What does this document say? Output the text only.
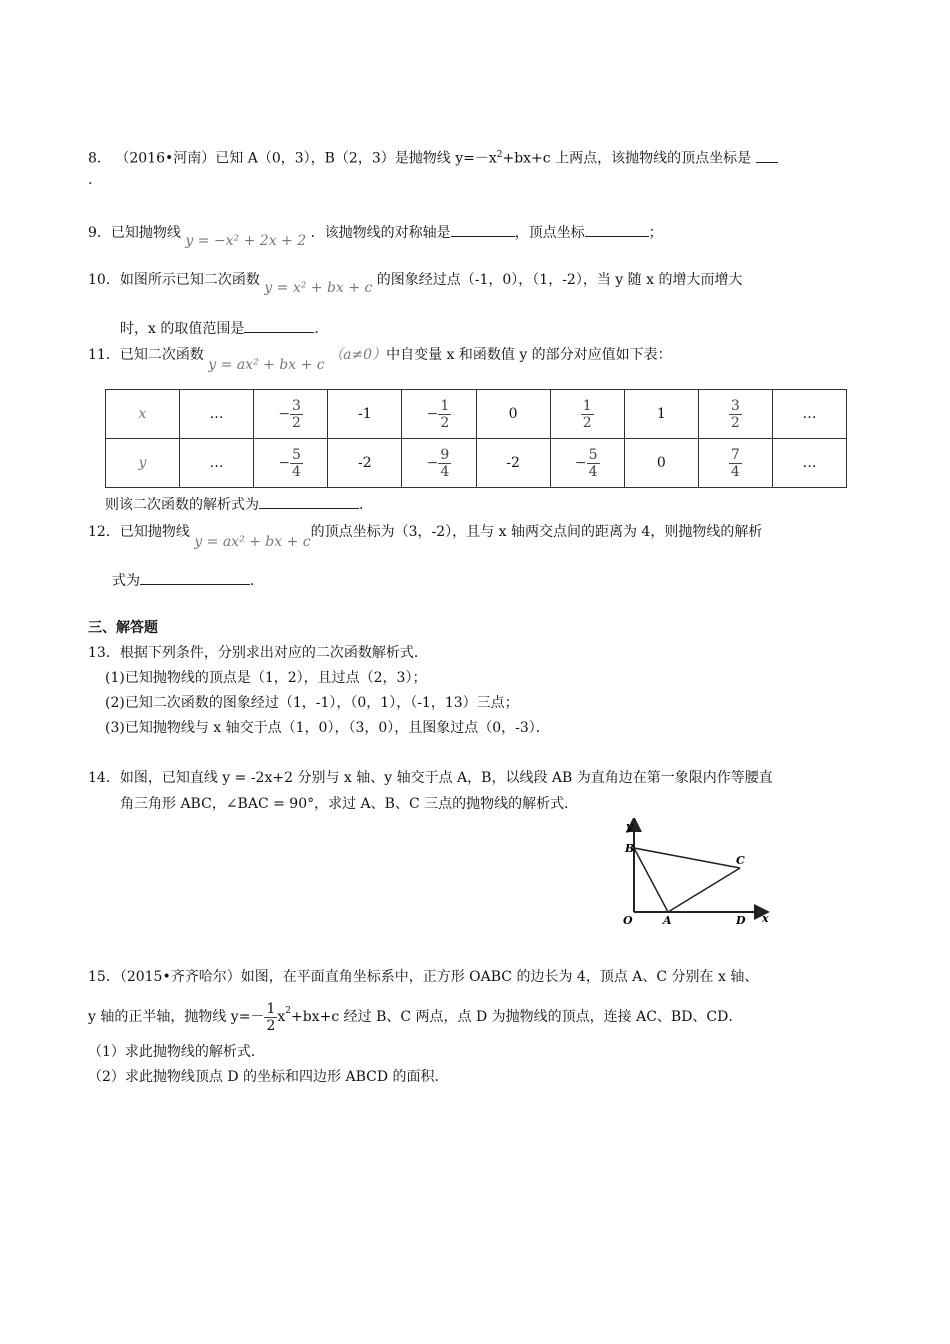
8． （2016•河南）已知 A（0，3），B（2，3）是抛物线 $y=-x^2+bx+c$ 上两点，该抛物线的顶点坐标是
.
9．已知抛物线 y = −x² + 2x + 2 ．该抛物线的对称轴是	，顶点坐标	；
10．如图所示已知二次函数 y = x² + bx + c 的图象经过点（-1，0），（1，-2），当 y 随 x 的增大而增大
时，x 的取值范围是	．
11．已知二次函数 y = ax² + bx + c （a≠0）中自变量 x 和函数值 y 的部分对应值如下表：
x	…	− $\frac{3}{2}$	-1	− $\frac{1}{2}$	0	$\frac{1}{2}$	1	$\frac{3}{2}$	…
y	…	− $\frac{5}{4}$	-2	− $\frac{9}{4}$	-2	− $\frac{5}{4}$	0	$\frac{7}{4}$	…
则该二次函数的解析式为	．
12．已知抛物线 y = ax² + bx + c的顶点坐标为（3，-2），且与 x 轴两交点间的距离为 4，则抛物线的解析
式为	．
三、解答题
13．根据下列条件，分别求出对应的二次函数解析式．
(1)已知抛物线的顶点是（1，2），且过点（2，3）；
(2)已知二次函数的图象经过（1，-1），（0，1），（-1，13）三点；
(3)已知抛物线与 x 轴交于点（1，0），（3，0），且图象过点（0，-3）．
14．如图，已知直线 y = -2x+2 分别与 x 轴、y 轴交于点 A，B，以线段 AB 为直角边在第一象限内作等腰直
角三角形 ABC，∠BAC = 90°，求过 A、B、C 三点的抛物线的解析式．
y
x
B
C
O	A	D
15．（2015•齐齐哈尔）如图，在平面直角坐标系中，正方形 OABC 的边长为 4，顶点 A、C 分别在 x 轴、
y 轴的正半轴，抛物线 $y=- \frac{1}{2}$ x 2 +bx+c 经过 B、C 两点，点 D 为抛物线的顶点，连接 AC、BD、CD．
（1）求此抛物线的解析式．
（2）求此抛物线顶点 D 的坐标和四边形 ABCD 的面积．
